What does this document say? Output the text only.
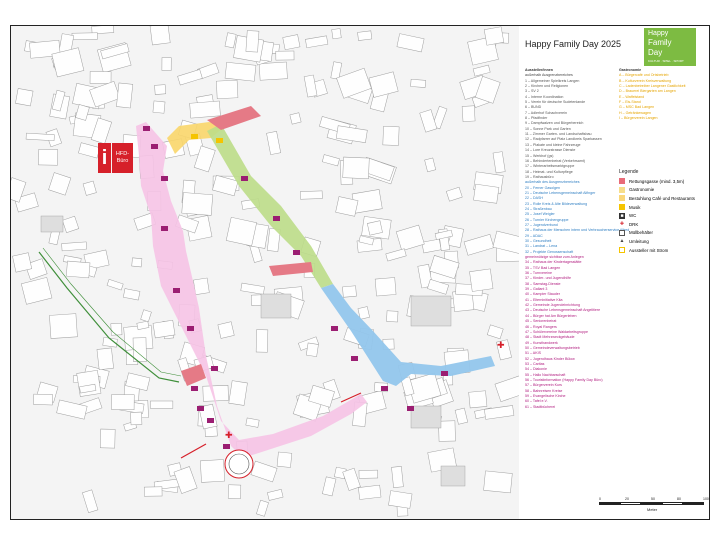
✚
✚
i	HFD-
Büro
Happy Family Day 2025
Happy
Family
Day
KULTUR · SPIEL · SPORT
Aussteller/innen
außerhalb Ausgrenzbereiches
1 – Allgemeiner Spielkreis Langen
2 – Kirchen und Religionen
3 – SV 2
4 – Interne Koordination
5 – Verein für deutsche Sudetenlande
6 – BUND
7 – Adlerhof Schachverein
8 – Pfadfinder
9 – Dampfwalzen und Bürgerbereich
10 – Sonne Park und Garten
11 – Zimmer Garten- und Landschaftsbau
12 – Radpfarrer auf Platz Landkreis Sparkassen
13 – Plakate und kleine Fahrzeuge
14 – Lore Kreuzstrasse Dienste
15 – Werkhof (gs)
16 – Behindertenbeirat (Verkehrsamt)
17 – Winterarbeitsmarktgruppe
18 – Heimat- und Kulturpflege
19 – Rathausbüro
außerhalb des Ausgrenzbereiches
20 – Ferner Gasolgen
21 – Deutsche Lebensgemeinschaft Alfinger
22 – DASH
23 – Rolle Kreis & Alte Bildeverwaltung
24 – Straßenbau
25 – Josef Weigler
26 – Turnier Kirchengruppe
27 – Jugendverbund
28 – Rathaus der Menschen intern und Verbraucherservice Alfred
29 – ADAC
30 – Gesundheit
31 – Landrat – Lena
32 – Projekte Genossenschaft
gemeinnützige sichtbar zum Anlegen
34 – Rathaus der Kindertagesstätte
35 – TSV Bad Langen
36 – Turnvereine
37 – Kinder- und Jugendhilfe
38 – Samstag-Dienste
39 – Gallant 3
40 – Kampier Stauder
41 – Elterninitiative Kita
42 – Gemeinde Jugendeinrichtung
43 – Deutsche Lebensgemeinschaft Angelitiere
44 – Bürger hat Am Bürgerleben
45 – Seniorenbeirat
46 – Royal Rangers
47 – Schülervereine Waldarbeitsgruppe
48 – Stadt Mehrzweckgebäude
49 – Kunsthandwerk
50 – Gemeindeverwaltungsbetrieb
51 – AKIS
52 – Jugendhaus Kinder Bülow
53 – Caritas
54 – Diakonie
55 – Hallo Nachbarschaft
56 – Touristinformation (Happy Family Day Büro)
57 – Bürgerverein Kurs
58 – Bahnreisen Kreise
59 – Evangelische Kirche
60 – Tafel e.V.
61 – Stadtbücherei
Gastronomie
A – Bürgercafé und Ortsbetrieb
B – Kulturverein Kreisverwaltung
C – Ladenbetreiber Langener Gastlichkeit
D – Brauerei Biergarten am Langen
E – Waffelstand
F – Eis-Stand
G – MSC Bad Langen
H – Getränkewagen
I – Bürgerverein Langen
Legende
Rettungsgasse (mind. 3,5m)
Gastronomie
Bestuhlung Café und Restaurants
Musik
■	WC
✚ DRK
Müllbehälter
▲ Umleitung
Aussteller mit Strom
0	20	50	80	100
Meter
